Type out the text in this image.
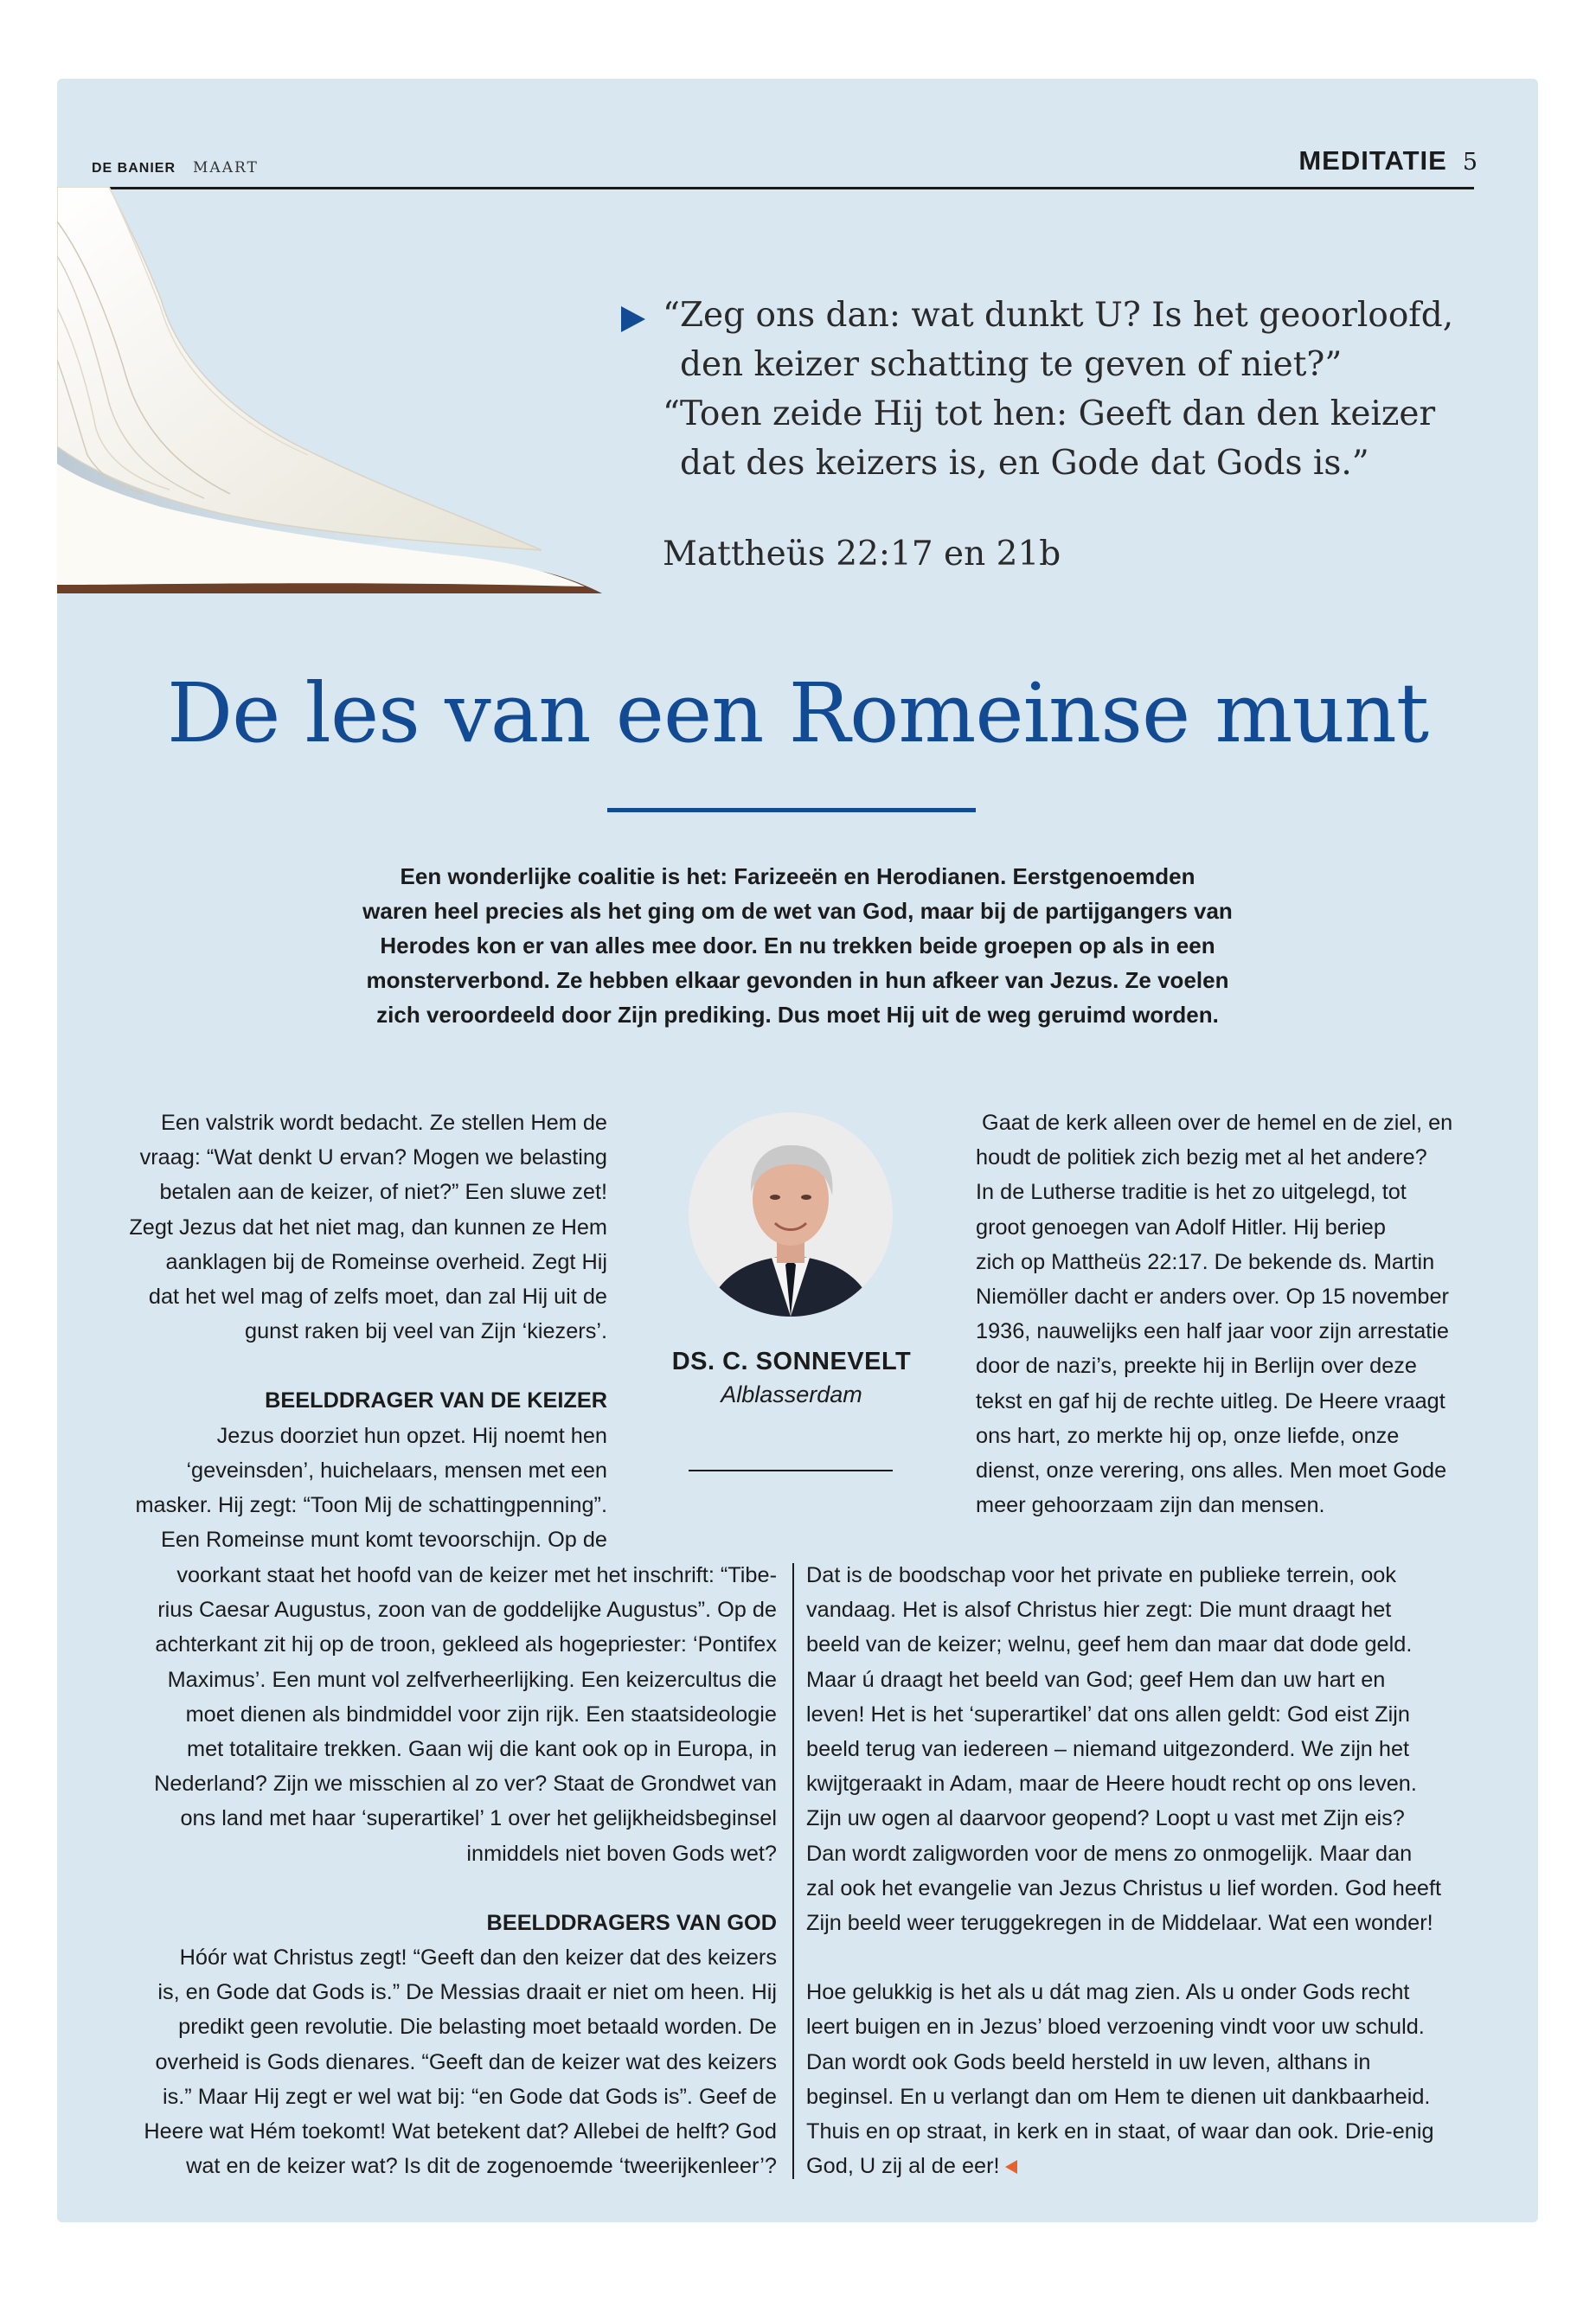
DE BANIER MAART	MEDITATIE 5
“Zeg ons dan: wat dunkt U? Is het geoorloofd,
den keizer schatting te geven of niet?”
“Toen zeide Hij tot hen: Geeft dan den keizer
dat des keizers is, en Gode dat Gods is.”
Mattheüs 22:17 en 21b
De les van een Romeinse munt
Een wonderlijke coalitie is het: Farizeeën en Herodianen. Eerstgenoemden
waren heel precies als het ging om de wet van God, maar bij de partijgangers van
Herodes kon er van alles mee door. En nu trekken beide groepen op als in een
monsterverbond. Ze hebben elkaar gevonden in hun afkeer van Jezus. Ze voelen
zich veroordeeld door Zijn prediking. Dus moet Hij uit de weg geruimd worden.

Een valstrik wordt bedacht. Ze stellen Hem de

vraag: “Wat denkt U ervan? Mogen we belasting

betalen aan de keizer, of niet?” Een sluwe zet!

Zegt Jezus dat het niet mag, dan kunnen ze Hem

aanklagen bij de Romeinse overheid. Zegt Hij

dat het wel mag of zelfs moet, dan zal Hij uit de

gunst raken bij veel van Zijn ‘kiezers’.

BEELDDRAGER VAN DE KEIZER

Jezus doorziet hun opzet. Hij noemt hen

‘geveinsden’, huichelaars, mensen met een

masker. Hij zegt: “Toon Mij de schattingpenning”.

Een Romeinse munt komt tevoorschijn. Op de

voorkant staat het hoofd van de keizer met het inschrift: “Tibe-

rius Caesar Augustus, zoon van de goddelijke Augustus”. Op de

achterkant zit hij op de troon, gekleed als hogepriester: ‘Pontifex

Maximus’. Een munt vol zelfverheerlijking. Een keizercultus die

moet dienen als bindmiddel voor zijn rijk. Een staatsideologie

met totalitaire trekken. Gaan wij die kant ook op in Europa, in

Nederland? Zijn we misschien al zo ver? Staat de Grondwet van

ons land met haar ‘superartikel’ 1 over het gelijkheidsbeginsel

inmiddels niet boven Gods wet?

BEELDDRAGERS VAN GOD

Hóór wat Christus zegt! “Geeft dan den keizer dat des keizers

is, en Gode dat Gods is.” De Messias draait er niet om heen. Hij

predikt geen revolutie. Die belasting moet betaald worden. De

overheid is Gods dienares. “Geeft dan de keizer wat des keizers

is.” Maar Hij zegt er wel wat bij: “en Gode dat Gods is”. Geef de

Heere wat Hém toekomt! Wat betekent dat? Allebei de helft? God

wat en de keizer wat? Is dit de zogenoemde ‘tweerijkenleer’?

DS. C. SONNEVELT
Alblasserdam

Gaat de kerk alleen over de hemel en de ziel, en

houdt de politiek zich bezig met al het andere?

In de Lutherse traditie is het zo uitgelegd, tot

groot genoegen van Adolf Hitler. Hij beriep

zich op Mattheüs 22:17. De bekende ds. Martin

Niemöller dacht er anders over. Op 15 november

1936, nauwelijks een half jaar voor zijn arrestatie

door de nazi’s, preekte hij in Berlijn over deze

tekst en gaf hij de rechte uitleg. De Heere vraagt

ons hart, zo merkte hij op, onze liefde, onze

dienst, onze verering, ons alles. Men moet Gode

meer gehoorzaam zijn dan mensen.

Dat is de boodschap voor het private en publieke terrein, ook

vandaag. Het is alsof Christus hier zegt: Die munt draagt het

beeld van de keizer; welnu, geef hem dan maar dat dode geld.

Maar ú draagt het beeld van God; geef Hem dan uw hart en

leven! Het is het ‘superartikel’ dat ons allen geldt: God eist Zijn

beeld terug van iedereen – niemand uitgezonderd. We zijn het

kwijtgeraakt in Adam, maar de Heere houdt recht op ons leven.

Zijn uw ogen al daarvoor geopend? Loopt u vast met Zijn eis?

Dan wordt zaligworden voor de mens zo onmogelijk. Maar dan

zal ook het evangelie van Jezus Christus u lief worden. God heeft

Zijn beeld weer teruggekregen in de Middelaar. Wat een wonder!

Hoe gelukkig is het als u dát mag zien. Als u onder Gods recht

leert buigen en in Jezus’ bloed verzoening vindt voor uw schuld.

Dan wordt ook Gods beeld hersteld in uw leven, althans in

beginsel. En u verlangt dan om Hem te dienen uit dankbaarheid.

Thuis en op straat, in kerk en in staat, of waar dan ook. Drie-enig

God, U zij al de eer!
